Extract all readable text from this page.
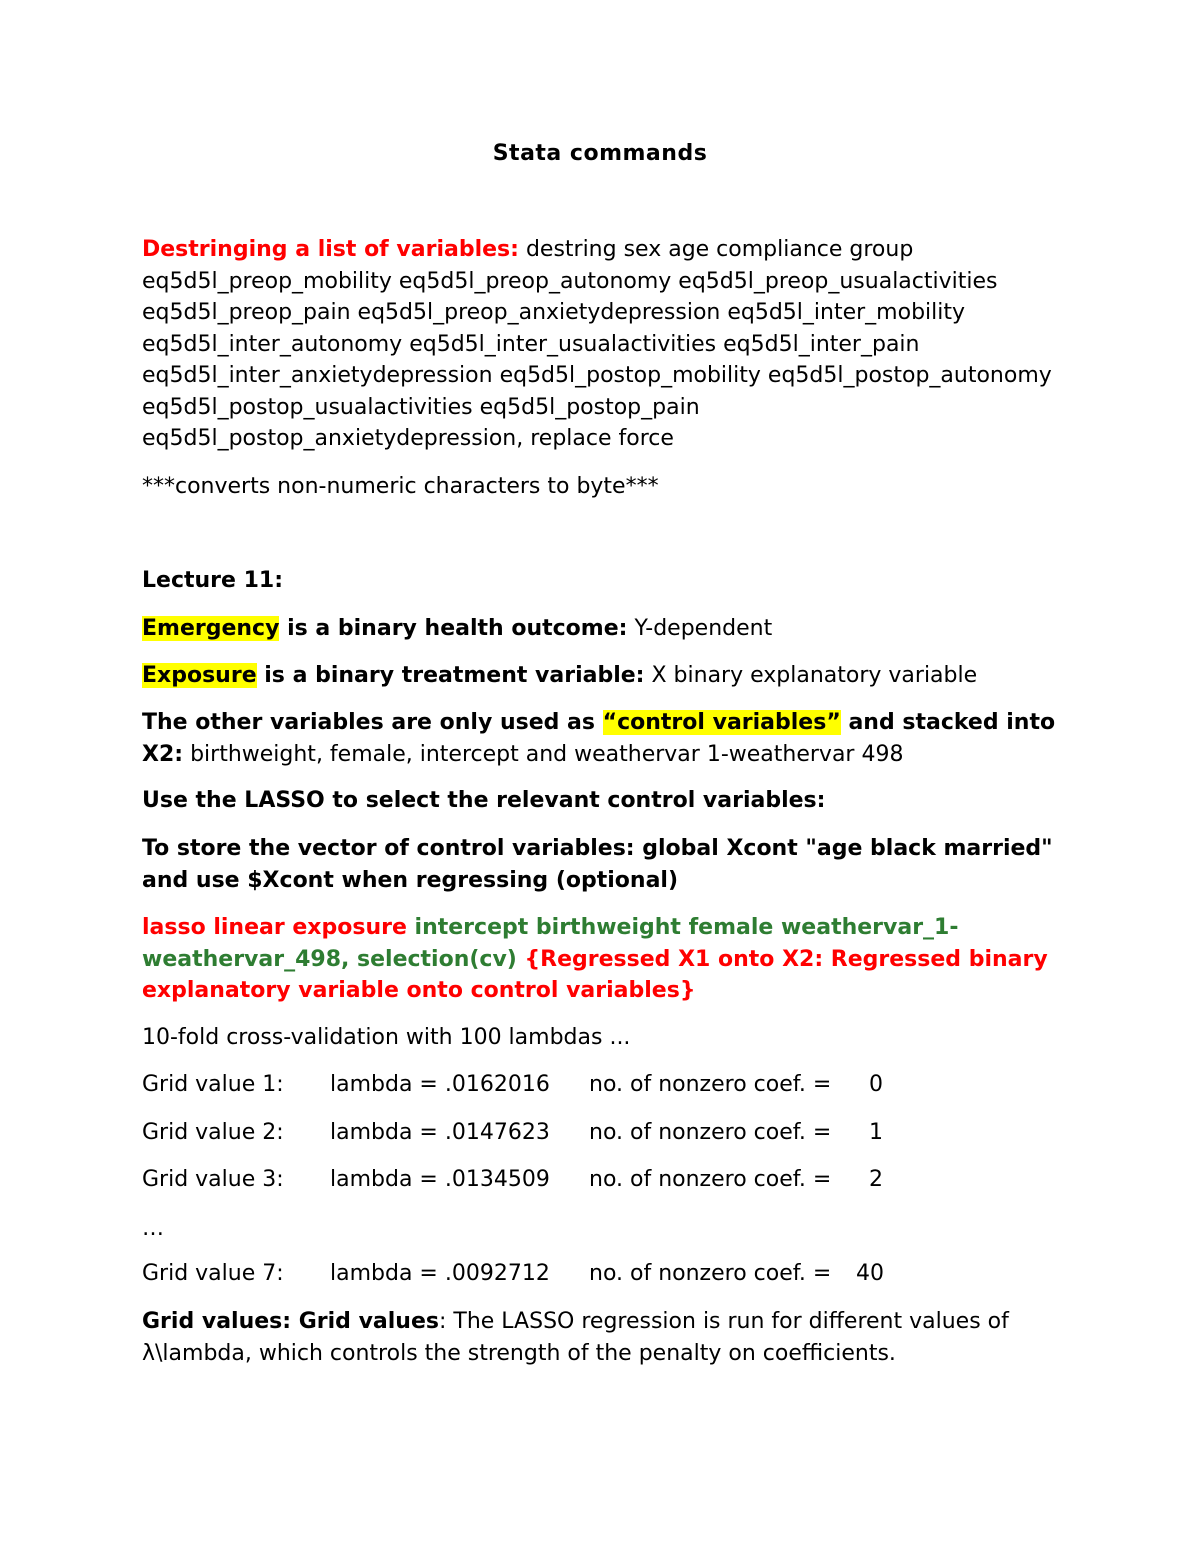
Stata commands
Destringing a list of variables: destring sex age compliance group eq5d5l_preop_mobility eq5d5l_preop_autonomy eq5d5l_preop_usualactivities eq5d5l_preop_pain eq5d5l_preop_anxietydepression eq5d5l_inter_mobility eq5d5l_inter_autonomy eq5d5l_inter_usualactivities eq5d5l_inter_pain eq5d5l_inter_anxietydepression eq5d5l_postop_mobility eq5d5l_postop_autonomy eq5d5l_postop_usualactivities eq5d5l_postop_pain eq5d5l_postop_anxietydepression, replace force
***converts non-numeric characters to byte***
Lecture 11:
Emergency is a binary health outcome: Y-dependent
Exposure is a binary treatment variable: X binary explanatory variable
The other variables are only used as “control variables” and stacked into X2: birthweight, female, intercept and weathervar 1-weathervar 498
Use the LASSO to select the relevant control variables:
To store the vector of control variables: global Xcont "age black married" and use $Xcont when regressing (optional)
lasso linear exposure intercept birthweight female weathervar_1-weathervar_498, selection(cv) {Regressed X1 onto X2: Regressed binary explanatory variable onto control variables}
10-fold cross-validation with 100 lambdas ...

Grid value 1:

lambda = .0162016

no. of nonzero coef. =

0

Grid value 2:

lambda = .0147623

no. of nonzero coef. =

1

Grid value 3:

lambda = .0134509

no. of nonzero coef. =

2

…

Grid value 7:

lambda = .0092712

no. of nonzero coef. =

40

Grid values: Grid values: The LASSO regression is run for different values of λ\lambda, which controls the strength of the penalty on coefficients.
